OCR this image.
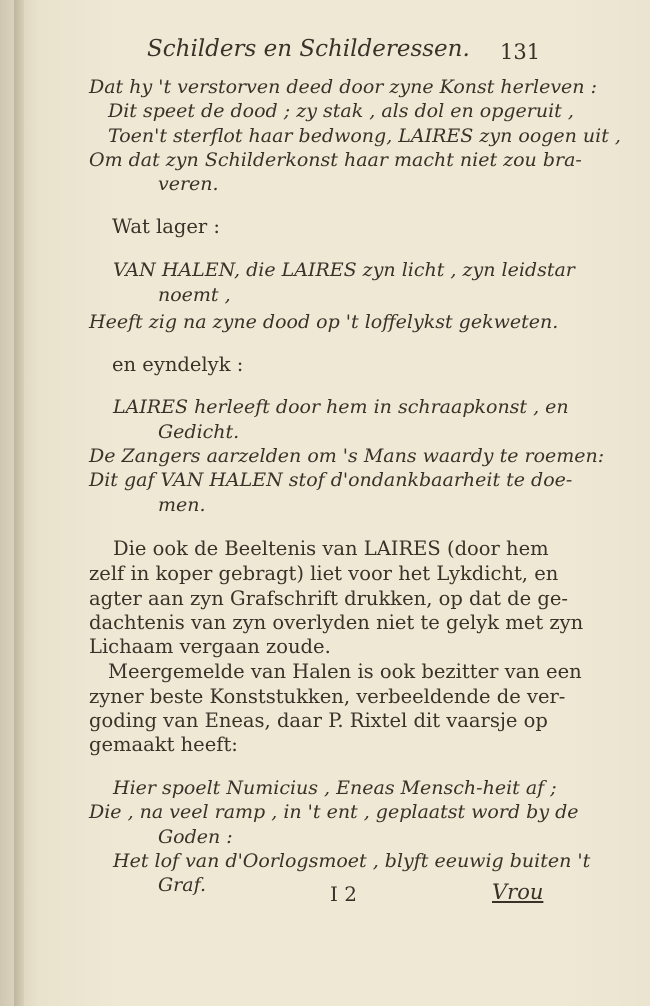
Schilders en Schilderessen. 131
Dat hy 't verstorven deed door zyne Konst herleven :
Dit speet de dood ; zy stak , als dol en opgeruit ,
Toen't sterflot haar bedwong, LAIRES zyn oogen uit ,
Om dat zyn Schilderkonst haar macht niet zou bra-
veren.
Wat lager :
VAN HALEN, die LAIRES zyn licht , zyn leidstar
noemt ,
Heeft zig na zyne dood op 't loffelykst gekweten.
en eyndelyk :
LAIRES herleeft door hem in schraapkonst , en
Gedicht.
De Zangers aarzelden om 's Mans waardy te roemen:
Dit gaf VAN HALEN stof d'ondankbaarheit te doe-
men.
Die ook de Beeltenis van LAIRES (door hem
zelf in koper gebragt) liet voor het Lykdicht, en
agter aan zyn Grafschrift drukken, op dat de ge-
dachtenis van zyn overlyden niet te gelyk met zyn
Lichaam vergaan zoude.
Meergemelde van Halen is ook bezitter van een
zyner beste Konststukken, verbeeldende de ver-
goding van Eneas, daar P. Rixtel dit vaarsje op
gemaakt heeft:
Hier spoelt Numicius , Eneas Mensch-heit af ;
Die , na veel ramp , in 't ent , geplaatst word by de
Goden :
Het lof van d'Oorlogsmoet , blyft eeuwig buiten 't
Graf.	I 2	Vrou
